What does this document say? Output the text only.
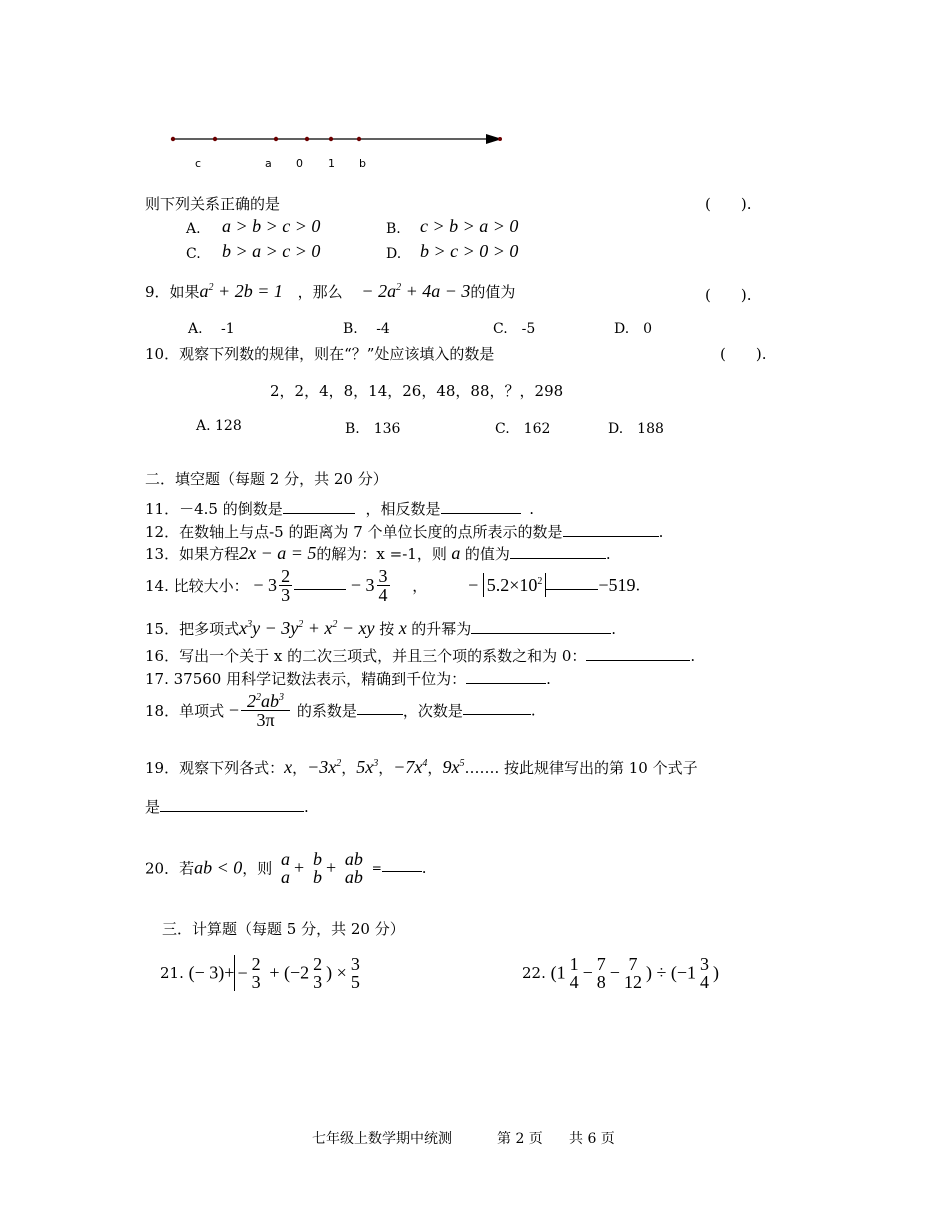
c	a 0 1 b
则下列关系正确的是	(　　).
A. a > b > c > 0	B. c > b > a > 0
C. b > a > c > 0	D. b > c > 0 > 0
9．如果$a^2 + 2b = 1$ ，那么 − $2a^2 + 4a - 3$的值为	(　　).
A.　 -1	B.　 -4	C.　-5	D.　0
10．观察下列数的规律，则在“？”处应该填入的数是	(　　).
2，2，4，8，14，26，48，88，？，298
A. 128	B.　136	C.　162	D.　188
二．填空题（每题 2 分，共 20 分）
11．－4.5 的倒数是	，相反数是	.
12．在数轴上与点-5 的距离为 7 个单位长度的点所表示的数是	.
13．如果方程2x − a = 5的解为：x =-1，则 a 的值为	.
14. 比较大小： − $3 \frac{2}{3}$	− $3 \frac{3}{4}$ ， − $5.2\times 10^2$	−519.
15．把多项式$x^3y - 3y^2 + x^2$ − xy 按 x 的升幂为	.
16．写出一个关于 x 的二次三项式，并且三个项的系数之和为 0：	.
17. 37560 用科学记数法表示，精确到千位为：	.
18．单项式 − $\frac{2^2ab^3}{3\pi}$ 的系数是	，次数是	.
19．观察下列各式：x，$-3x^2$，$5x^3$，$-7x^4$，$9x^5\dots\dots$. 按此规律写出的第 10 个式子
是	.
20．若ab < 0，则 a
a + b
b + ab
ab =	.
三．计算题（每题 5 分，共 20 分）
21. (− 3)+ − 2
3 + (−2 2
3 ) × 3
5	22. (1 1
4 − 7
8 − 7
12 ) ÷ (−1 3
4 )
七年级上数学期中统测	第 2 页 共 6 页
